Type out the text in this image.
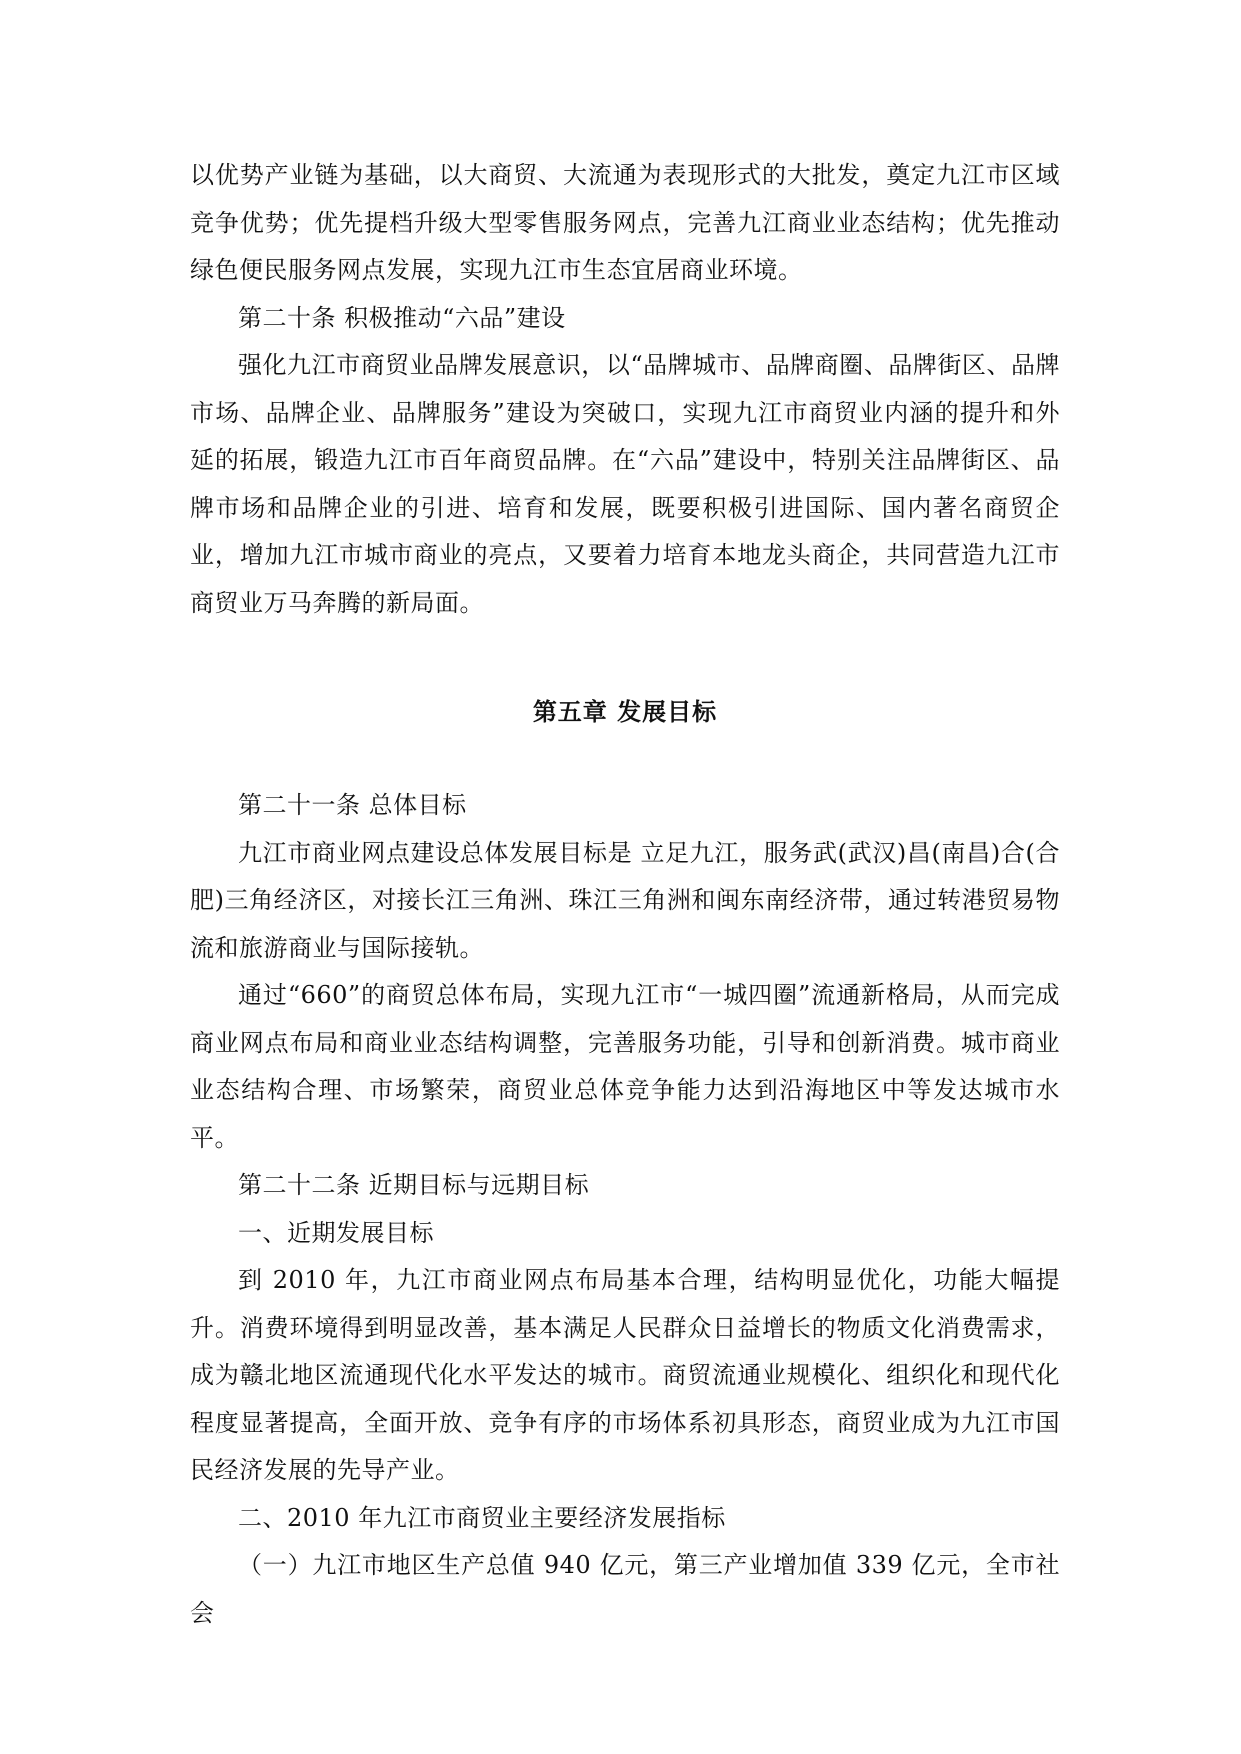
以优势产业链为基础，以大商贸、大流通为表现形式的大批发，奠定九江市区域竞争优势；优先提档升级大型零售服务网点，完善九江商业业态结构；优先推动绿色便民服务网点发展，实现九江市生态宜居商业环境。

第二十条 积极推动“六品”建设

强化九江市商贸业品牌发展意识，以“品牌城市、品牌商圈、品牌街区、品牌市场、品牌企业、品牌服务”建设为突破口，实现九江市商贸业内涵的提升和外延的拓展，锻造九江市百年商贸品牌。在“六品”建设中，特别关注品牌街区、品牌市场和品牌企业的引进、培育和发展，既要积极引进国际、国内著名商贸企业，增加九江市城市商业的亮点，又要着力培育本地龙头商企，共同营造九江市商贸业万马奔腾的新局面。

第五章 发展目标

第二十一条 总体目标

九江市商业网点建设总体发展目标是 立足九江，服务武(武汉)昌(南昌)合(合肥)三角经济区，对接长江三角洲、珠江三角洲和闽东南经济带，通过转港贸易物流和旅游商业与国际接轨。

通过“660”的商贸总体布局，实现九江市“一城四圈”流通新格局，从而完成商业网点布局和商业业态结构调整，完善服务功能，引导和创新消费。城市商业业态结构合理、市场繁荣，商贸业总体竞争能力达到沿海地区中等发达城市水平。

第二十二条 近期目标与远期目标

一、近期发展目标

到 2010 年，九江市商业网点布局基本合理，结构明显优化，功能大幅提升。消费环境得到明显改善，基本满足人民群众日益增长的物质文化消费需求，成为赣北地区流通现代化水平发达的城市。商贸流通业规模化、组织化和现代化程度显著提高，全面开放、竞争有序的市场体系初具形态，商贸业成为九江市国民经济发展的先导产业。

二、2010 年九江市商贸业主要经济发展指标

（一）九江市地区生产总值 940 亿元，第三产业增加值 339 亿元，全市社会
